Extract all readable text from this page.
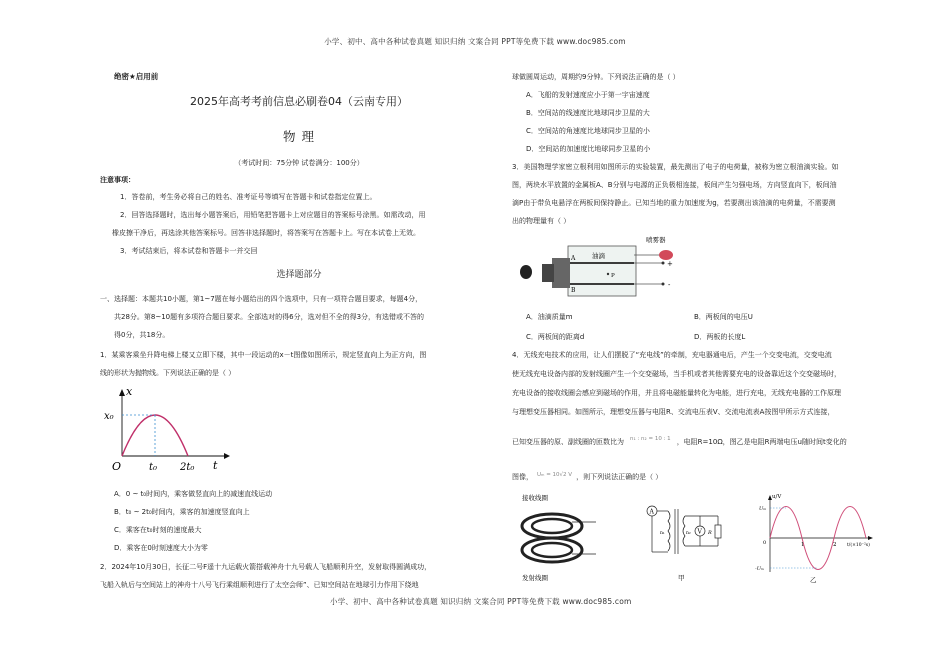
小学、初中、高中各种试卷真题 知识归纳 文案合同 PPT等免费下载 www.doc985.com
绝密★启用前
2025年高考考前信息必刷卷04（云南专用）
物 理
（考试时间：75分钟 试卷满分：100分）
注意事项：
1．答卷前，考生务必将自己的姓名、准考证号等填写在答题卡和试卷指定位置上。
2．回答选择题时，选出每小题答案后，用铅笔把答题卡上对应题目的答案标号涂黑。如需改动，用
橡皮擦干净后，再选涂其他答案标号。回答非选择题时，将答案写在答题卡上。写在本试卷上无效。
3．考试结束后，将本试卷和答题卡一并交回
选择题部分
一、选择题：本题共10小题，第1~7题在每小题给出的四个选项中，只有一项符合题目要求，每题4分，
共28分。第8~10题有多项符合题目要求。全部选对的得6分，选对但不全的得3分，有选错或不答的
得0分，共18分。
1．某乘客乘坐升降电梯上楼又立即下楼，其中一段运动的x－t图像如图所示，规定竖直向上为正方向，图
线的形状为抛物线。下列说法正确的是（ ）
x
x₀
O	t₀ 2t₀ t
A．0 ~ t₀时间内，乘客做竖直向上的减速直线运动
B．t₀ ~ 2t₀时间内，乘客的加速度竖直向上
C．乘客在t₀时刻的速度最大
D．乘客在0时刻速度大小为零
2．2024年10月30日，长征二号F遥十九运载火箭搭载神舟十九号载人飞船顺利升空，发射取得圆满成功，
飞船入轨后与空间站上的神舟十八号飞行乘组顺利进行了太空会师”、已知空间站在地球引力作用下绕地
球做圆周运动，周期约9分钟。下列说法正确的是（ ）
A．飞船的发射速度应小于第一宇宙速度
B．空间站的线速度比地球同步卫星的大
C．空间站的角速度比地球同步卫星的小
D．空间站的加速度比地球同步卫星的小
3．美国物理学家密立根利用如图所示的实验装置，最先测出了电子的电荷量，被称为密立根油滴实验。如
图，两块水平放置的金属板A、B分别与电源的正负极相连接，板间产生匀强电场，方向竖直向下，板间油
滴P由于带负电悬浮在两板间保持静止。已知当地的重力加速度为g，若要测出该油滴的电荷量，不需要测
出的物理量有（ ）
A
B
油滴
P
喷雾器
+
-
A．油滴质量m	B．两板间的电压U
C．两板间的距离d	D．两板的长度L
4．无线充电技术的应用，让人们摆脱了“充电线”的牵制，充电器通电后，产生一个交变电流，交变电流
使无线充电设备内部的发射线圈产生一个交变磁场，当手机或者其他需要充电的设备靠近这个交变磁场时，
充电设备的接收线圈会感应到磁场的作用，并且将电磁能量转化为电能，进行充电，无线充电器的工作原理
与理想变压器相同。如图所示，理想变压器与电阻R、交流电压表V、交流电流表A按图甲所示方式连接，
已知变压器的原、副线圈的匝数比为 n₁ : n₂ = 10 : 1 ，电阻R=10Ω，图乙是电阻R两端电压u随时间t变化的
图像， Uₘ = 10√2 V ，则下列说法正确的是（ ）
接收线圈
发射线圈
A
n₁	n₂ V R
甲
u/V
Uₘ
-Uₘ
0	1	2 t/(×10⁻²s)
乙
小学、初中、高中各种试卷真题 知识归纳 文案合同 PPT等免费下载 www.doc985.com
